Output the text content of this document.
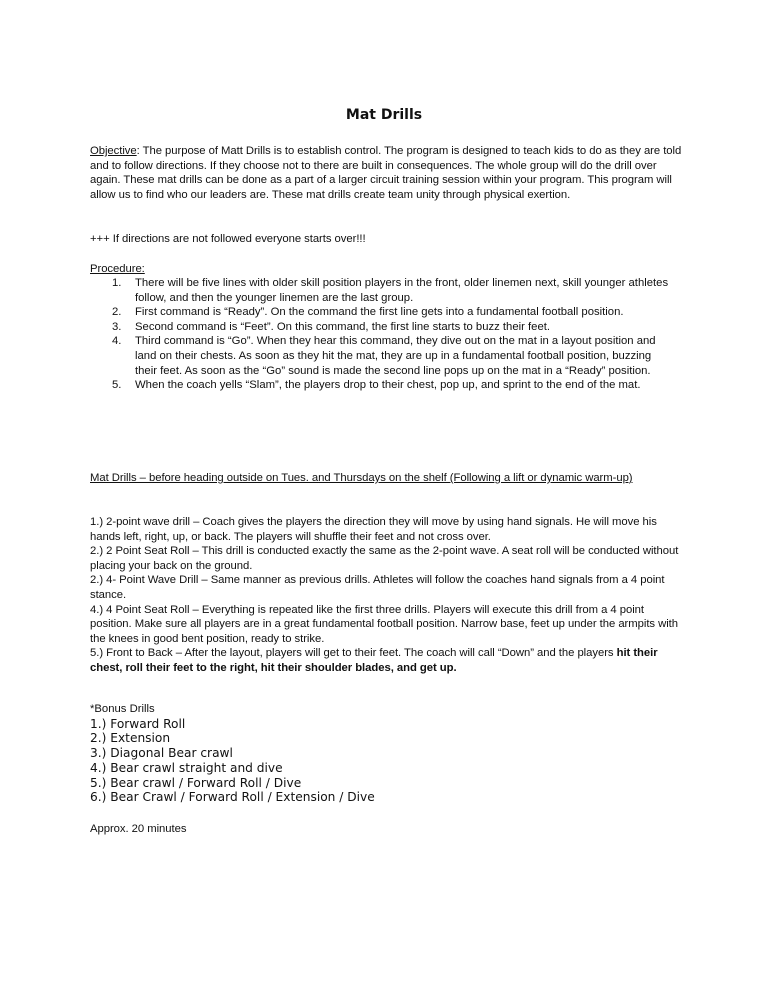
Mat Drills
Objective: The purpose of Matt Drills is to establish control. The program is designed to teach kids to do as they are told and to follow directions. If they choose not to there are built in consequences. The whole group will do the drill over again. These mat drills can be done as a part of a larger circuit training session within your program. This program will allow us to find who our leaders are. These mat drills create team unity through physical exertion.
+++ If directions are not followed everyone starts over!!!
Procedure:
1. There will be five lines with older skill position players in the front, older linemen next, skill younger athletes follow, and then the younger linemen are the last group.
2. First command is “Ready”. On the command the first line gets into a fundamental football position.
3. Second command is “Feet”. On this command, the first line starts to buzz their feet.
4. Third command is “Go”. When they hear this command, they dive out on the mat in a layout position and land on their chests. As soon as they hit the mat, they are up in a fundamental football position, buzzing their feet. As soon as the “Go” sound is made the second line pops up on the mat in a “Ready” position.
5. When the coach yells “Slam”, the players drop to their chest, pop up, and sprint to the end of the mat.
Mat Drills – before heading outside on Tues. and Thursdays on the shelf (Following a lift or dynamic warm-up)

1.) 2-point wave drill – Coach gives the players the direction they will move by using hand signals. He will move his hands left, right, up, or back. The players will shuffle their feet and not cross over.

2.) 2 Point Seat Roll – This drill is conducted exactly the same as the 2-point wave. A seat roll will be conducted without placing your back on the ground.

2.) 4- Point Wave Drill – Same manner as previous drills. Athletes will follow the coaches hand signals from a 4 point stance.

4.) 4 Point Seat Roll – Everything is repeated like the first three drills. Players will execute this drill from a 4 point position. Make sure all players are in a great fundamental football position. Narrow base, feet up under the armpits with the knees in good bent position, ready to strike.

5.) Front to Back – After the layout, players will get to their feet. The coach will call “Down” and the players hit their chest, roll their feet to the right, hit their shoulder blades, and get up.

*Bonus Drills
1.) Forward Roll
2.) Extension
3.) Diagonal Bear crawl
4.) Bear crawl straight and dive
5.) Bear crawl / Forward Roll / Dive
6.) Bear Crawl / Forward Roll / Extension / Dive
Approx. 20 minutes
